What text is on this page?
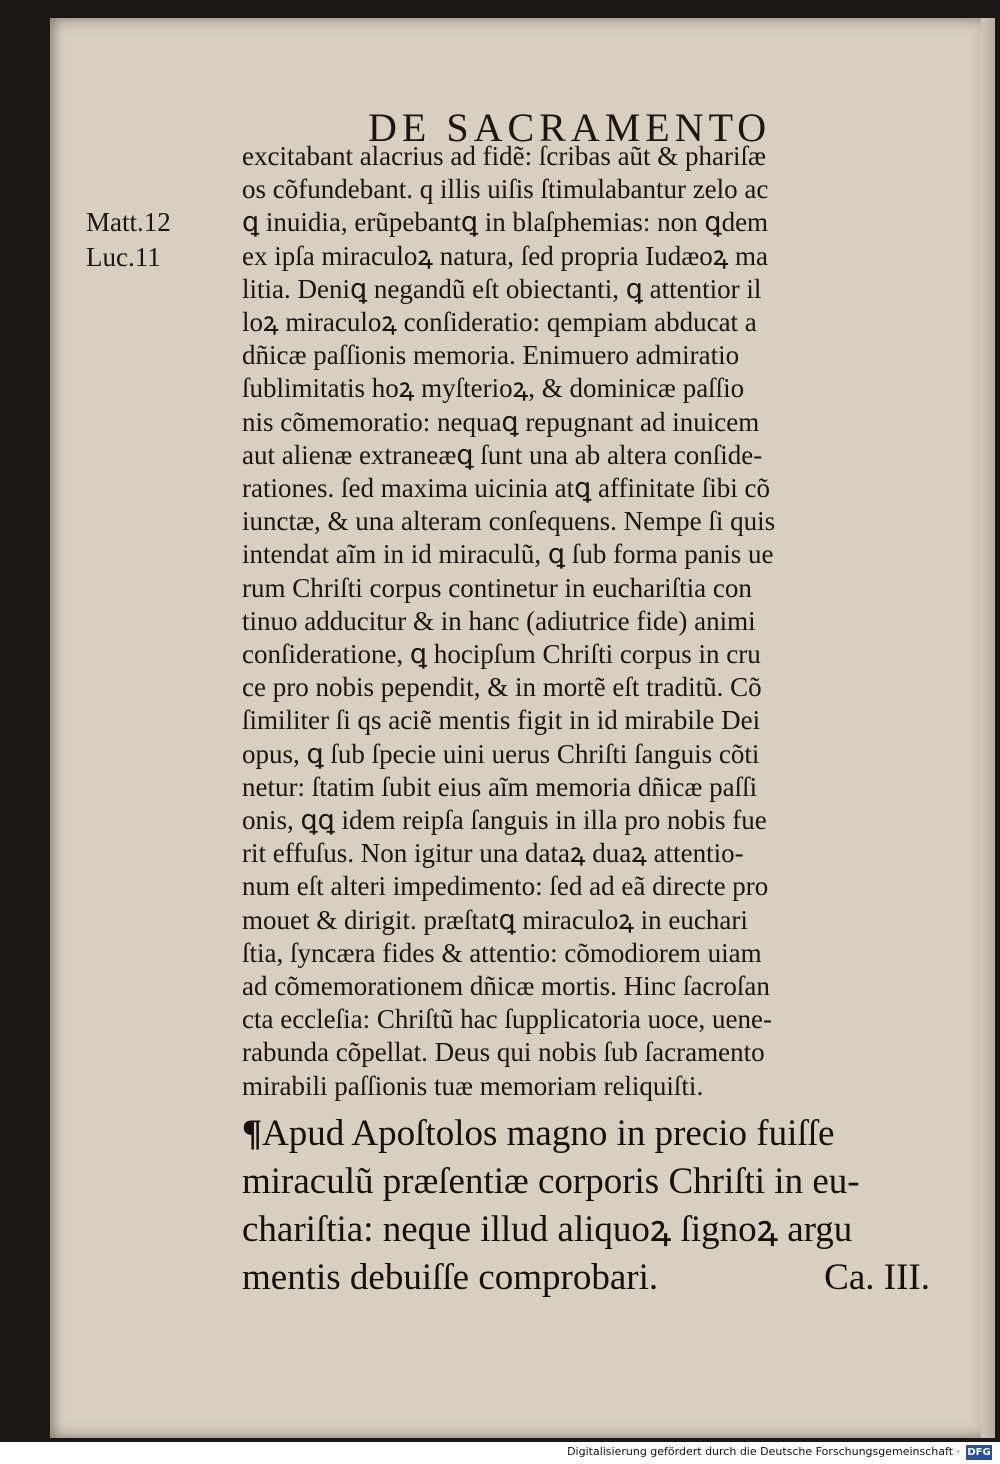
DE SACRAMENTO
Matt.12
Luc.11
excitabant alacrius ad fidẽ: ſcribas aũt & phariſæ
os cõfundebant. q illis uiſis ſtimulabantur zelo ac
ꝗ inuidia, erũpebantꝗ in blaſphemias: non ꝗdem
ex ipſa miraculoꝝ natura, ſed propria Iudæoꝝ ma
litia. Deniꝗ negandũ eſt obiectanti, ꝗ attentior il
loꝝ miraculoꝝ conſideratio: qempiam abducat a
dñicæ paſſionis memoria. Enimuero admiratio
ſublimitatis hoꝝ myſterioꝝ, & dominicæ paſſio
nis cõmemoratio: nequaꝗ repugnant ad inuicem
aut alienæ extraneæꝗ ſunt una ab altera conſide-
rationes. ſed maxima uicinia atꝗ affinitate ſibi cõ
iunctæ, & una alteram conſequens. Nempe ſi quis
intendat aĩm in id miraculũ, ꝗ ſub forma panis ue
rum Chriſti corpus continetur in euchariſtia con
tinuo adducitur & in hanc (adiutrice fide) animi
conſideratione, ꝗ hocipſum Chriſti corpus in cru
ce pro nobis pependit, & in mortẽ eſt traditũ. Cõ
ſimiliter ſi qs aciẽ mentis figit in id mirabile Dei
opus, ꝗ ſub ſpecie uini uerus Chriſti ſanguis cõti
netur: ſtatim ſubit eius aĩm memoria dñicæ paſſi
onis, ꝗꝗ idem reipſa ſanguis in illa pro nobis fue
rit effuſus. Non igitur una dataꝝ duaꝝ attentio-
num eſt alteri impedimento: ſed ad eã directe pro
mouet & dirigit. præſtatꝗ miraculoꝝ in euchari
ſtia, ſyncæra fides & attentio: cõmodiorem uiam
ad cõmemorationem dñicæ mortis. Hinc ſacroſan
cta eccleſia: Chriſtũ hac ſupplicatoria uoce, uene-
rabunda cõpellat. Deus qui nobis ſub ſacramento
mirabili paſſionis tuæ memoriam reliquiſti.
¶Apud Apoſtolos magno in precio fuiſſe
miraculũ præſentiæ corporis Chriſti in eu-
chariſtia: neque illud aliquoꝝ ſignoꝝ argu
mentis debuiſſe comprobari.	Ca. III.
Digitalisierung gefördert durch die Deutsche Forschungsgemeinschaft · DFG
